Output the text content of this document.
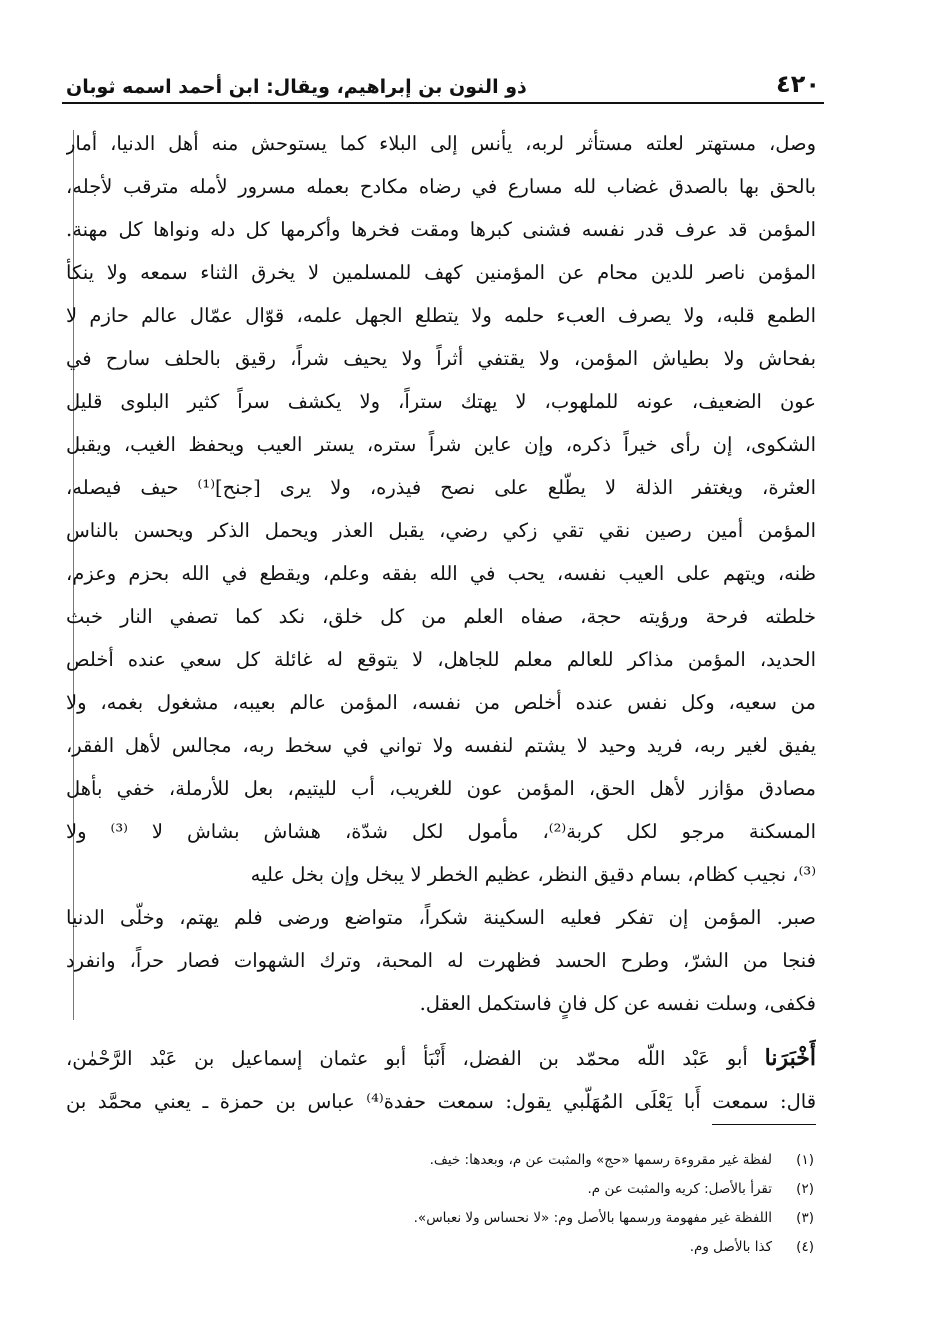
٤٢٠
ذو النون بن إبراهيم، ويقال: ابن أحمد اسمه ثوبان
وصل، مستهتر لعلته مستأثر لربه، يأنس إلى البلاء كما يستوحش منه أهل الدنيا، أمار
بالحق بها بالصدق غضاب لله مسارع في رضاه مكادح بعمله مسرور لأمله مترقب لأجله،
المؤمن قد عرف قدر نفسه فشنى كبرها ومقت فخرها وأكرمها كل دله ونواها كل مهنة.
المؤمن ناصر للدين محام عن المؤمنين كهف للمسلمين لا يخرق الثناء سمعه ولا ينكأ
الطمع قلبه، ولا يصرف العبء حلمه ولا يتطلع الجهل علمه، قوّال عمّال عالم حازم لا
بفحاش ولا بطياش المؤمن، ولا يقتفي أثراً ولا يحيف شراً، رقيق بالحلف سارح في
عون الضعيف، عونه للملهوب، لا يهتك ستراً، ولا يكشف سراً كثير البلوى قليل
الشكوى، إن رأى خيراً ذكره، وإن عاين شراً ستره، يستر العيب ويحفظ الغيب، ويقبل
العثرة، ويغتفر الذلة لا يطّلع على نصح فيذره، ولا يرى [جنح]⁽¹⁾ حيف فيصله،
المؤمن أمين رصين نقي تقي زكي رضي، يقبل العذر ويحمل الذكر ويحسن بالناس
ظنه، ويتهم على العيب نفسه، يحب في الله بفقه وعلم، ويقطع في الله بحزم وعزم،
خلطته فرحة ورؤيته حجة، صفاه العلم من كل خلق، نكد كما تصفي النار خبث
الحديد، المؤمن مذاكر للعالم معلم للجاهل، لا يتوقع له غائلة كل سعي عنده أخلص
من سعيه، وكل نفس عنده أخلص من نفسه، المؤمن عالم بعيبه، مشغول بغمه، ولا
يفيق لغير ربه، فريد وحيد لا يشتم لنفسه ولا تواني في سخط ربه، مجالس لأهل الفقر،
مصادق مؤازر لأهل الحق، المؤمن عون للغريب، أب لليتيم، بعل للأرملة، خفي بأهل
المسكنة مرجو لكل كربة⁽²⁾، مأمول لكل شدّة، هشاش بشاش لا ⁽³⁾ ولا
⁽³⁾، نجيب كظام، بسام دقيق النظر، عظيم الخطر لا يبخل وإن بخل عليه
صبر. المؤمن إن تفكر فعليه السكينة شكراً، متواضع ورضى فلم يهتم، وخلّى الدنيا
فنجا من الشرّ، وطرح الحسد فظهرت له المحبة، وترك الشهوات فصار حراً، وانفرد
فكفى، وسلت نفسه عن كل فانٍ فاستكمل العقل.
أَخْبَرَنا أبو عَبْد اللّه محمّد بن الفضل، أَنْبَأ أبو عثمان إسماعيل بن عَبْد الرَّحْمٰن،
قال: سمعت أَبا يَعْلَى المُهَلّبي يقول: سمعت حفدة⁽⁴⁾ عباس بن حمزة ـ يعني محمَّد بن
(١)
لفظة غير مقروءة رسمها «حج» والمثبت عن م، وبعدها: خيف.
(٢)
تقرأ بالأصل: كريه والمثبت عن م.
(٣)
اللفظة غير مفهومة ورسمها بالأصل وم: «لا نحساس ولا نعباس».
(٤)
كذا بالأصل وم.
